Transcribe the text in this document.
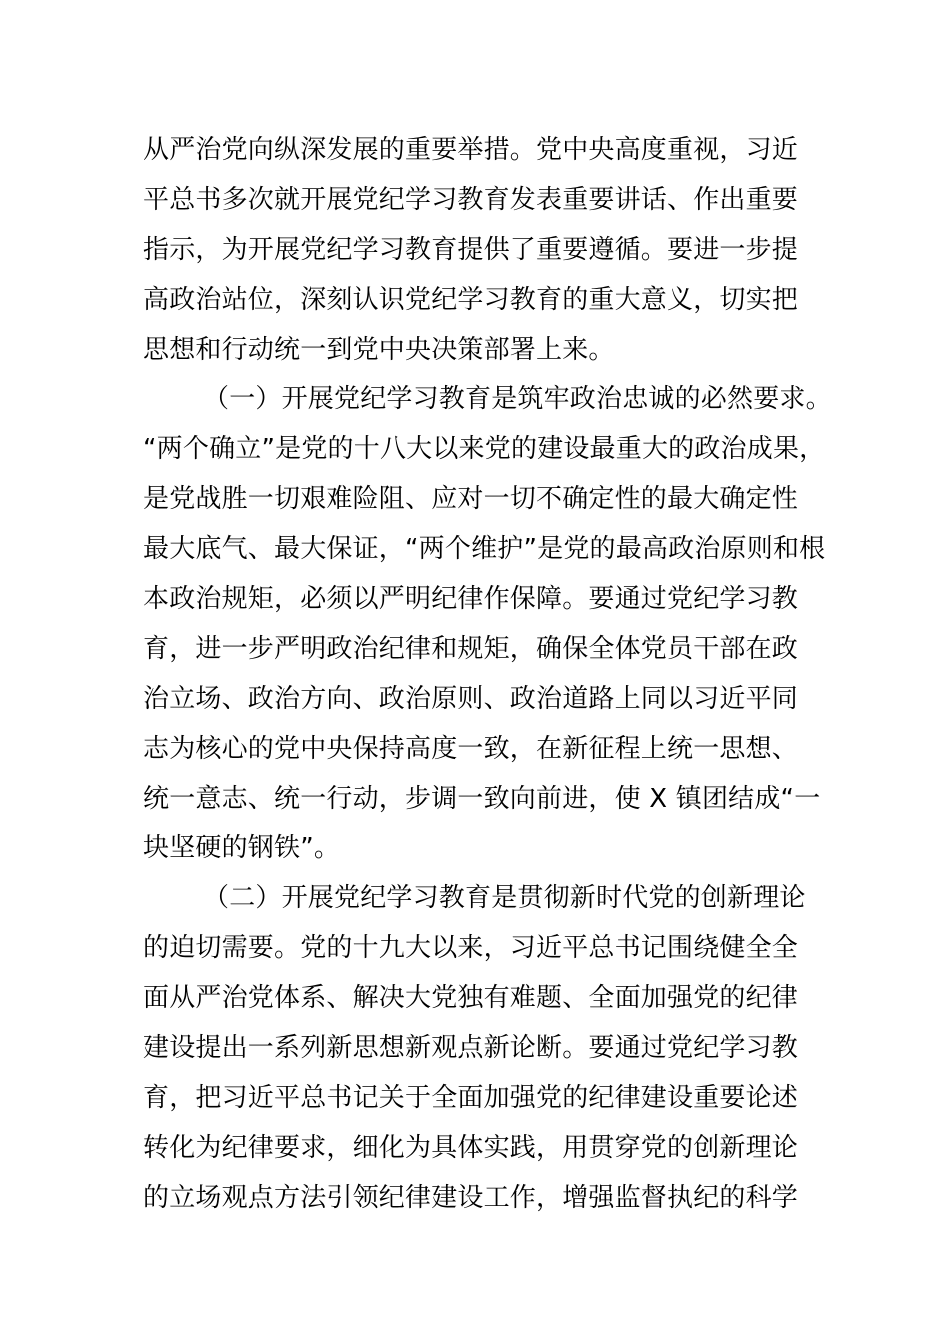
从严治党向纵深发展的重要举措。党中央高度重视，习近
平总书多次就开展党纪学习教育发表重要讲话、作出重要
指示，为开展党纪学习教育提供了重要遵循。要进一步提
高政治站位，深刻认识党纪学习教育的重大意义，切实把
思想和行动统一到党中央决策部署上来。
（一）开展党纪学习教育是筑牢政治忠诚的必然要求。
“两个确立”是党的十八大以来党的建设最重大的政治成果，
是党战胜一切艰难险阻、应对一切不确定性的最大确定性
最大底气、最大保证，“两个维护”是党的最高政治原则和根
本政治规矩，必须以严明纪律作保障。要通过党纪学习教
育，进一步严明政治纪律和规矩，确保全体党员干部在政
治立场、政治方向、政治原则、政治道路上同以习近平同
志为核心的党中央保持高度一致，在新征程上统一思想、
统一意志、统一行动，步调一致向前进，使 X 镇团结成“一
块坚硬的钢铁”。
（二）开展党纪学习教育是贯彻新时代党的创新理论
的迫切需要。党的十九大以来，习近平总书记围绕健全全
面从严治党体系、解决大党独有难题、全面加强党的纪律
建设提出一系列新思想新观点新论断。要通过党纪学习教
育，把习近平总书记关于全面加强党的纪律建设重要论述
转化为纪律要求，细化为具体实践，用贯穿党的创新理论
的立场观点方法引领纪律建设工作，增强监督执纪的科学
